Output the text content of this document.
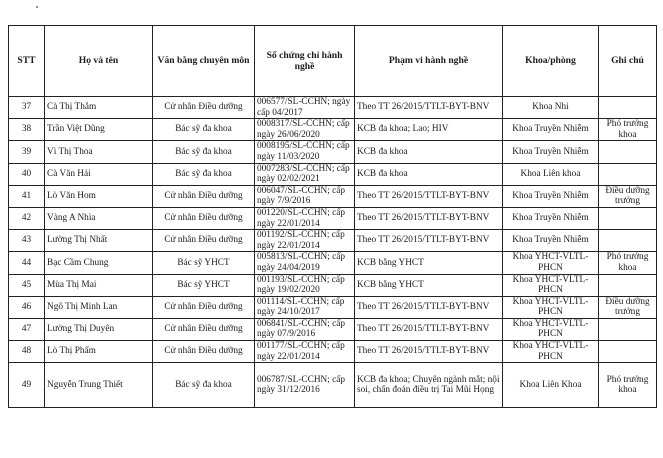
STT	Họ và tên	Văn bằng chuyên môn	Số chứng chỉ hành nghề	Phạm vi hành nghề	Khoa/phòng	Ghi chú
37	Cà Thị Thắm	Cử nhân Điều dưỡng	006577/SL-CCHN; ngày cấp 04/2017	Theo TT 26/2015/TTLT-BYT-BNV	Khoa Nhi	
38	Trần Việt Dũng	Bác sỹ đa khoa	0008317/SL-CCHN; cấp ngày 26/06/2020	KCB đa khoa; Lao; HIV	Khoa Truyền Nhiễm	Phó trưởng khoa
39	Vì Thị Thoa	Bác sỹ đa khoa	0008195/SL-CCHN; cấp ngày 11/03/2020	KCB đa khoa	Khoa Truyền Nhiễm	
40	Cà Văn Hải	Bác sỹ đa khoa	0007283/SL-CCHN; cấp ngày 02/02/2021	KCB đa khoa	Khoa Liên khoa	
41	Lò Văn Hom	Cử nhân Điều dưỡng	006047/SL-CCHN; cấp ngày 7/9/2016	Theo TT 26/2015/TTLT-BYT-BNV	Khoa Truyền Nhiễm	Điều dưỡng trưởng
42	Vàng A Nhìa	Cử nhân Điều dưỡng	001220/SL-CCHN; cấp ngày 22/01/2014	Theo TT 26/2015/TTLT-BYT-BNV	Khoa Truyền Nhiễm	
43	Lường Thị Nhất	Cử nhân Điều dưỡng	001192/SL-CCHN; cấp ngày 22/01/2014	Theo TT 26/2015/TTLT-BYT-BNV	Khoa Truyền Nhiễm	
44	Bạc Cầm Chung	Bác sỹ YHCT	005813/SL-CCHN; cấp ngày 24/04/2019	KCB bằng YHCT	Khoa YHCT-VLTL-PHCN	Phó trưởng khoa
45	Mùa Thị Mai	Bác sỹ YHCT	001193/SL-CCHN; cấp ngày 19/02/2020	KCB bằng YHCT	Khoa YHCT-VLTL-PHCN	
46	Ngô Thị Minh Lan	Cử nhân Điều dưỡng	001114/SL-CCHN; cấp ngày 24/10/2017	Theo TT 26/2015/TTLT-BYT-BNV	Khoa YHCT-VLTL-PHCN	Điều dưỡng trưởng
47	Lường Thị Duyên	Cử nhân Điều dưỡng	006841/SL-CCHN; cấp ngày 07/9/2016	Theo TT 26/2015/TTLT-BYT-BNV	Khoa YHCT-VLTL-PHCN	
48	Lò Thị Phấm	Cử nhân Điều dưỡng	001177/SL-CCHN; cấp ngày 22/01/2014	Theo TT 26/2015/TTLT-BYT-BNV	Khoa YHCT-VLTL-PHCN	
49	Nguyễn Trung Thiết	Bác sỹ đa khoa	006787/SL-CCHN; cấp ngày 31/12/2016	KCB đa khoa; Chuyên ngành mắt; nội soi, chẩn đoán điều trị Tai Mũi Họng	Khoa Liên Khoa	Phó trưởng khoa
